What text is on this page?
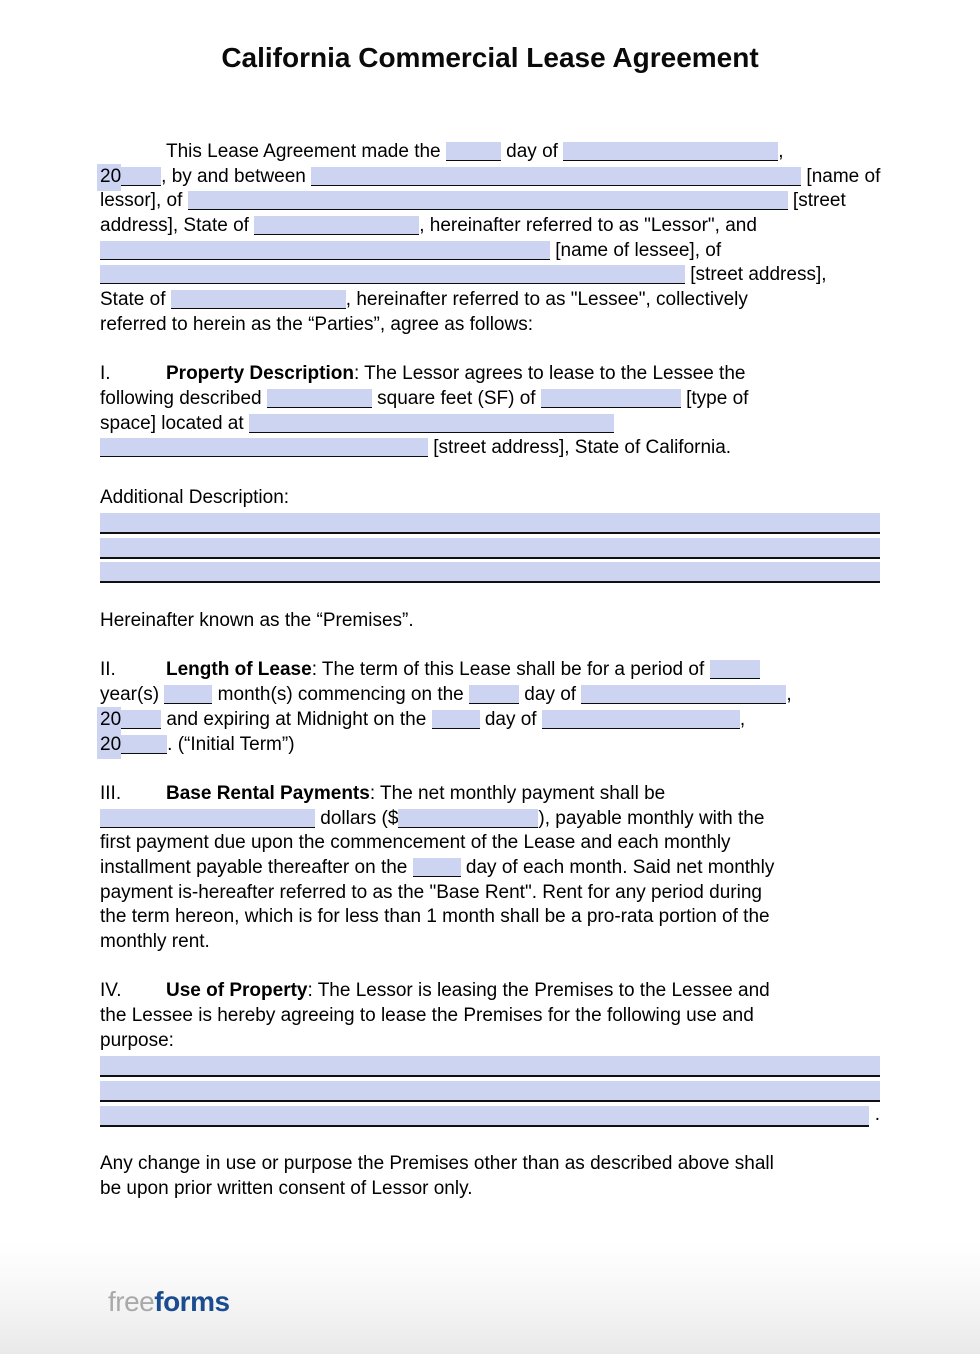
California Commercial Lease Agreement
This Lease Agreement made the	day of	,
20 , by and between	[name of
lessor], of	[street
address], State of	, hereinafter referred to as "Lessor", and
[name of lessee], of
[street address],
State of	, hereinafter referred to as "Lessee", collectively
referred to herein as the “Parties”, agree as follows:
I.	Property Description: The Lessor agrees to lease to the Lessee the
following described	square feet (SF) of	[type of
space] located at
[street address], State of California.
Additional Description:
Hereinafter known as the “Premises”.
II.	Length of Lease: The term of this Lease shall be for a period of
year(s)	month(s) commencing on the	day of	,
20 and expiring at Midnight on the	day of	,
20 . (“Initial Term”)
III. Base Rental Payments: The net monthly payment shall be
dollars ($	), payable monthly with the
first payment due upon the commencement of the Lease and each monthly
installment payable thereafter on the	day of each month. Said net monthly
payment is-hereafter referred to as the "Base Rent". Rent for any period during
the term hereon, which is for less than 1 month shall be a pro-rata portion of the
monthly rent.
IV. Use of Property: The Lessor is leasing the Premises to the Lessee and
the Lessee is hereby agreeing to lease the Premises for the following use and
purpose:
.
Any change in use or purpose the Premises other than as described above shall
be upon prior written consent of Lessor only.
freeforms
